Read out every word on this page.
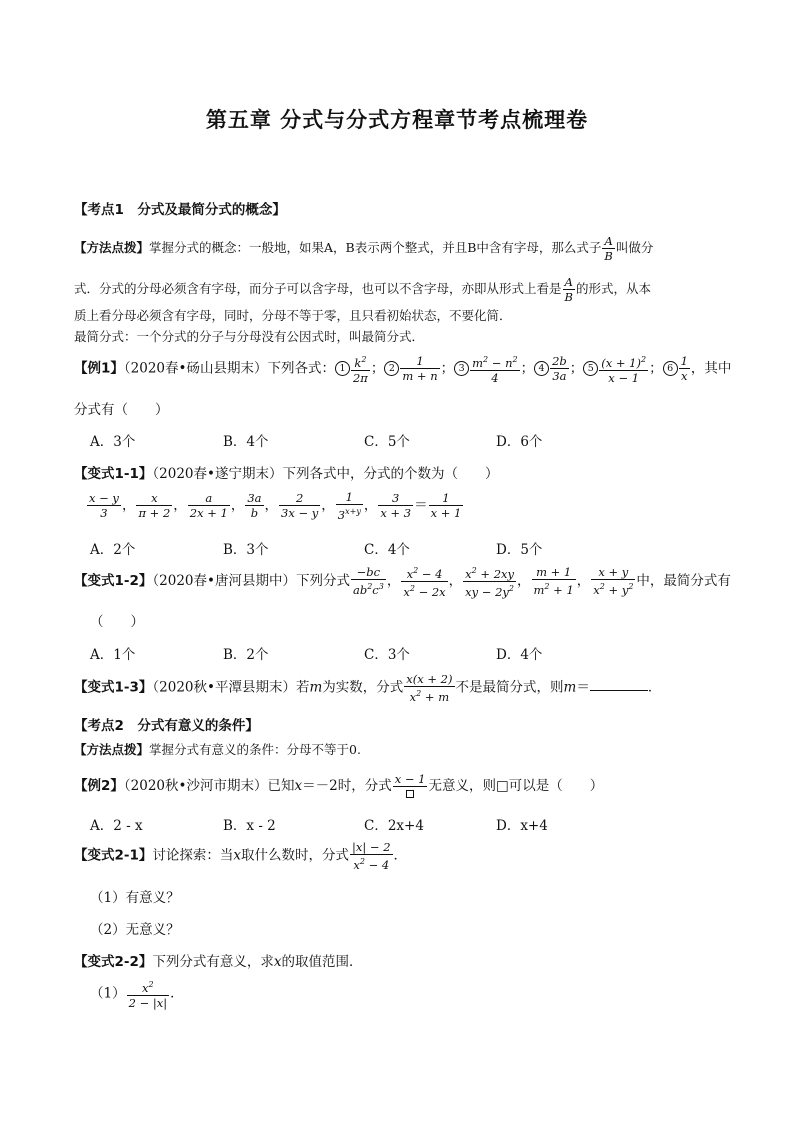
第五章 分式与分式方程章节考点梳理卷
【考点1　分式及最简分式的概念】
【方法点拨】掌握分式的概念：一般地，如果A，B表示两个整式，并且B中含有字母，那么式子 $\frac{A}{B}$ 叫做分
式．分式的分母必须含有字母，而分子可以含字母，也可以不含字母，亦即从形式上看是 $\frac{A}{B}$ 的形式，从本
质上看分母必须含有字母，同时，分母不等于零，且只看初始状态，不要化简．
最简分式：一个分式的分子与分母没有公因式时，叫最简分式．
【例1】（2020春•砀山县期末）下列各式： $1 \frac{k^2}{2\pi}$ ； $2 \frac{1}{m + n}$ ； $3 \frac{m^2 - n^2}{4}$ ； $4 \frac{2b}{3a}$ ； $5 \frac{(x + 1)^2}{x - 1}$ ； $6 \frac{1}{x}$ ，其中
分式有（　　）
A．3个	B．4个	C．5个	D．6个
【变式1-1】（2020春•遂宁期末）下列各式中，分式的个数为（　　）
$\frac{x - y}{3}$ ， $\frac{x}{\pi + 2}$ ， $\frac{a}{2x + 1}$ ， $\frac{3a}{b}$ ， $\frac{2}{3x - y}$ ， $\frac{1}{3^{x+y}}$ ， $\frac{3}{x + 3} = \frac{1}{x + 1}$
A．2个	B．3个	C．4个	D．5个
【变式1-2】（2020春•唐河县期中）下列分式 $\frac{-bc}{ab^2c^3}$ ， $\frac{x^2 - 4}{x^2 - 2x}$ ， $\frac{x^2 + 2xy}{xy - 2y^2}$ ， $\frac{m + 1}{m^2 + 1}$ ， $\frac{x + y}{x^2 + y^2}$ 中，最简分式有
（　　）
A．1个	B．2个	C．3个	D．4个
【变式1-3】（2020秋•平潭县期末）若m为实数，分式 $\frac{x(x + 2)}{x^2 + m}$ 不是最简分式，则m＝	．
【考点2　分式有意义的条件】
【方法点拨】掌握分式有意义的条件：分母不等于0.
【例2】（2020秋•沙河市期末）已知x＝－2时，分式 x − 1 无意义，则□可以是（　　）
A．2 - x	B．x - 2	C．2x+4	D．x+4
【变式2-1】讨论探索：当x取什么数时，分式 $\frac{|x| - 2}{x^2 - 4}$ ．
（1）有意义？
（2）无意义？
【变式2-2】下列分式有意义，求x的取值范围．
$(1) \frac{x^2}{2 - |x|}$ ．
